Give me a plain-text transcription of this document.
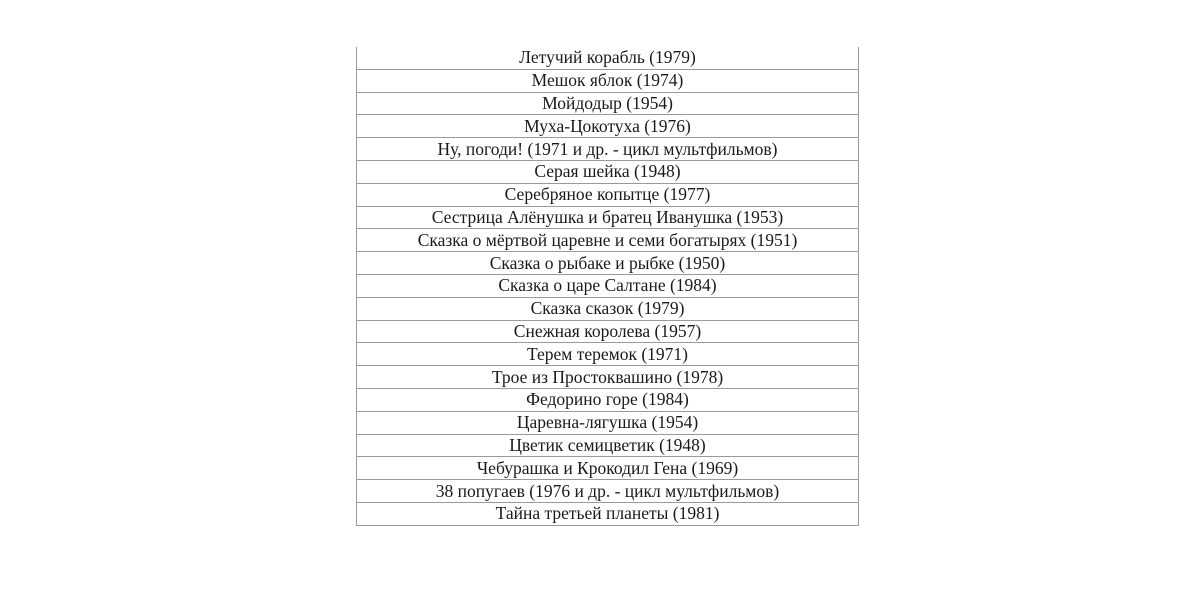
Летучий корабль (1979)
Мешок яблок (1974)
Мойдодыр (1954)
Муха-Цокотуха (1976)
Ну, погоди! (1971 и др. - цикл мультфильмов)
Серая шейка (1948)
Серебряное копытце (1977)
Сестрица Алёнушка и братец Иванушка (1953)
Сказка о мёртвой царевне и семи богатырях (1951)
Сказка о рыбаке и рыбке (1950)
Сказка о царе Салтане (1984)
Сказка сказок (1979)
Снежная королева (1957)
Терем теремок (1971)
Трое из Простоквашино (1978)
Федорино горе (1984)
Царевна-лягушка (1954)
Цветик семицветик (1948)
Чебурашка и Крокодил Гена (1969)
38 попугаев (1976 и др. - цикл мультфильмов)
Тайна третьей планеты (1981)
